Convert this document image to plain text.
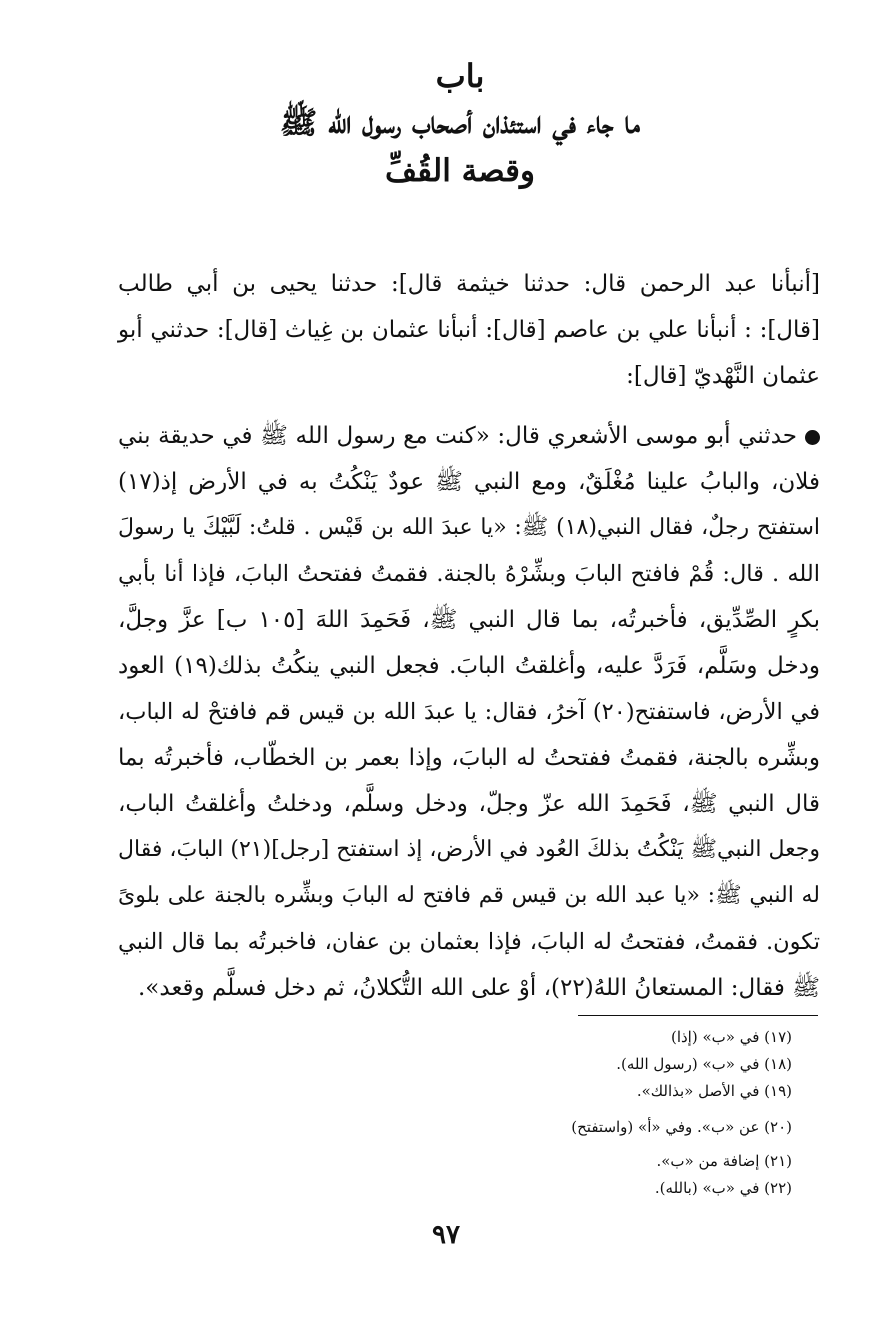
باب
ما جاء في استئذان أصحاب رسول الله ﷺ
وقصة القُفِّ
[أنبأنا عبد الرحمن قال: حدثنا خيثمة قال]: حدثنا يحيى بن أبي طالب
[قال]: : أنبأنا علي بن عاصم [قال]: أنبأنا عثمان بن غِياث [قال]: حدثني أبو
عثمان النَّهْديّ [قال]:
حدثني أبو موسى الأشعري قال: «كنت مع رسول الله ﷺ في حديقة بني
فلان، والبابُ علينا مُغْلَقٌ، ومع النبي ﷺ عودٌ يَنْكُتُ به في الأرض إذ(١٧)
استفتح رجلٌ، فقال النبي(١٨) ﷺ: «يا عبدَ الله بن قَيْس . قلتُ: لَبَّيْكَ يا رسولَ
الله . قال: قُمْ فافتح البابَ وبشِّرْهُ بالجنة. فقمتُ ففتحتُ البابَ، فإذا أنا بأبي
بكرٍ الصِّدِّيق، فأخبرتُه، بما قال النبي ﷺ، فَحَمِدَ اللهَ [١٠٥ ب] عزَّ وجلَّ،
ودخل وسَلَّم، فَرَدَّ عليه، وأغلقتُ البابَ. فجعل النبي ينكُتُ بذلك(١٩) العود
في الأرض، فاستفتح(٢٠) آخرُ، فقال: يا عبدَ الله بن قيس قم فافتحْ له الباب،
وبشِّره بالجنة، فقمتُ ففتحتُ له البابَ، وإذا بعمر بن الخطّاب، فأخبرتُه بما
قال النبي ﷺ، فَحَمِدَ الله عزّ وجلّ، ودخل وسلَّم، ودخلتُ وأغلقتُ الباب،
وجعل النبيﷺ يَنْكُتُ بذلكَ العُود في الأرض، إذ استفتح [رجل](٢١) البابَ، فقال
له النبي ﷺ: «يا عبد الله بن قيس قم فافتح له البابَ وبشِّره بالجنة على بلوىً
تكون. فقمتُ، ففتحتُ له البابَ، فإذا بعثمان بن عفان، فاخبرتُه بما قال النبي
ﷺ فقال: المستعانُ اللهُ(٢٢)، أوْ على الله التُّكلانُ، ثم دخل فسلَّم وقعد».
(١٧) في «ب» (إذا)
(١٨) في «ب» (رسول الله).
(١٩) في الأصل «بذالك».
(٢٠) عن «ب». وفي «أ» (واستفتح)
(٢١) إضافة من «ب».
(٢٢) في «ب» (بالله).
٩٧
